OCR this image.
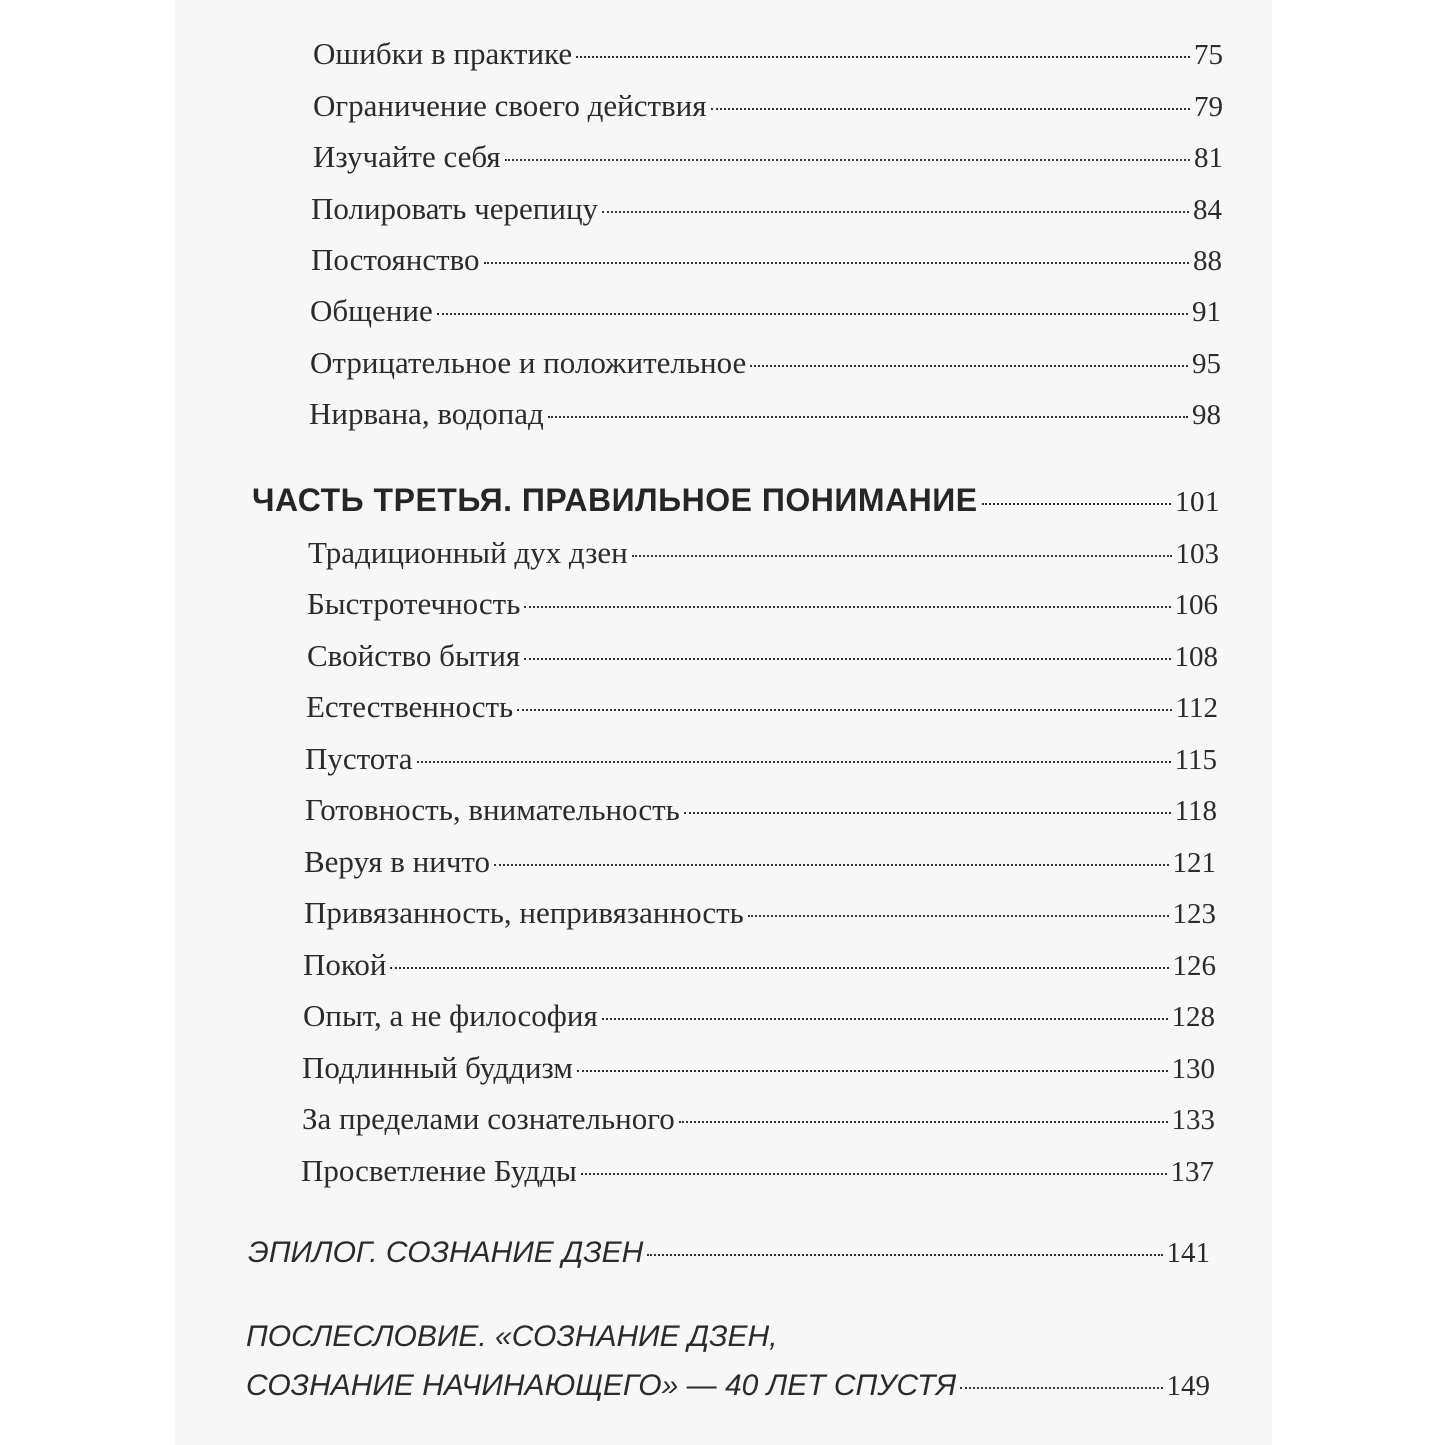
Ошибки в практике	75
Ограничение своего действия	79
Изучайте себя	81
Полировать черепицу	84
Постоянство	88
Общение	91
Отрицательное и положительное	95
Нирвана, водопад	98
ЧАСТЬ ТРЕТЬЯ. ПРАВИЛЬНОЕ ПОНИМАНИЕ	101
Традиционный дух дзен	103
Быстротечность	106
Свойство бытия	108
Естественность	112
Пустота	115
Готовность, внимательность	118
Веруя в ничто	121
Привязанность, непривязанность	123
Покой	126
Опыт, а не философия	128
Подлинный буддизм	130
За пределами сознательного	133
Просветление Будды	137
ЭПИЛОГ. СОЗНАНИЕ ДЗЕН	141
ПОСЛЕСЛОВИЕ. «СОЗНАНИЕ ДЗЕН,
СОЗНАНИЕ НАЧИНАЮЩЕГО» — 40 ЛЕТ СПУСТЯ	149
